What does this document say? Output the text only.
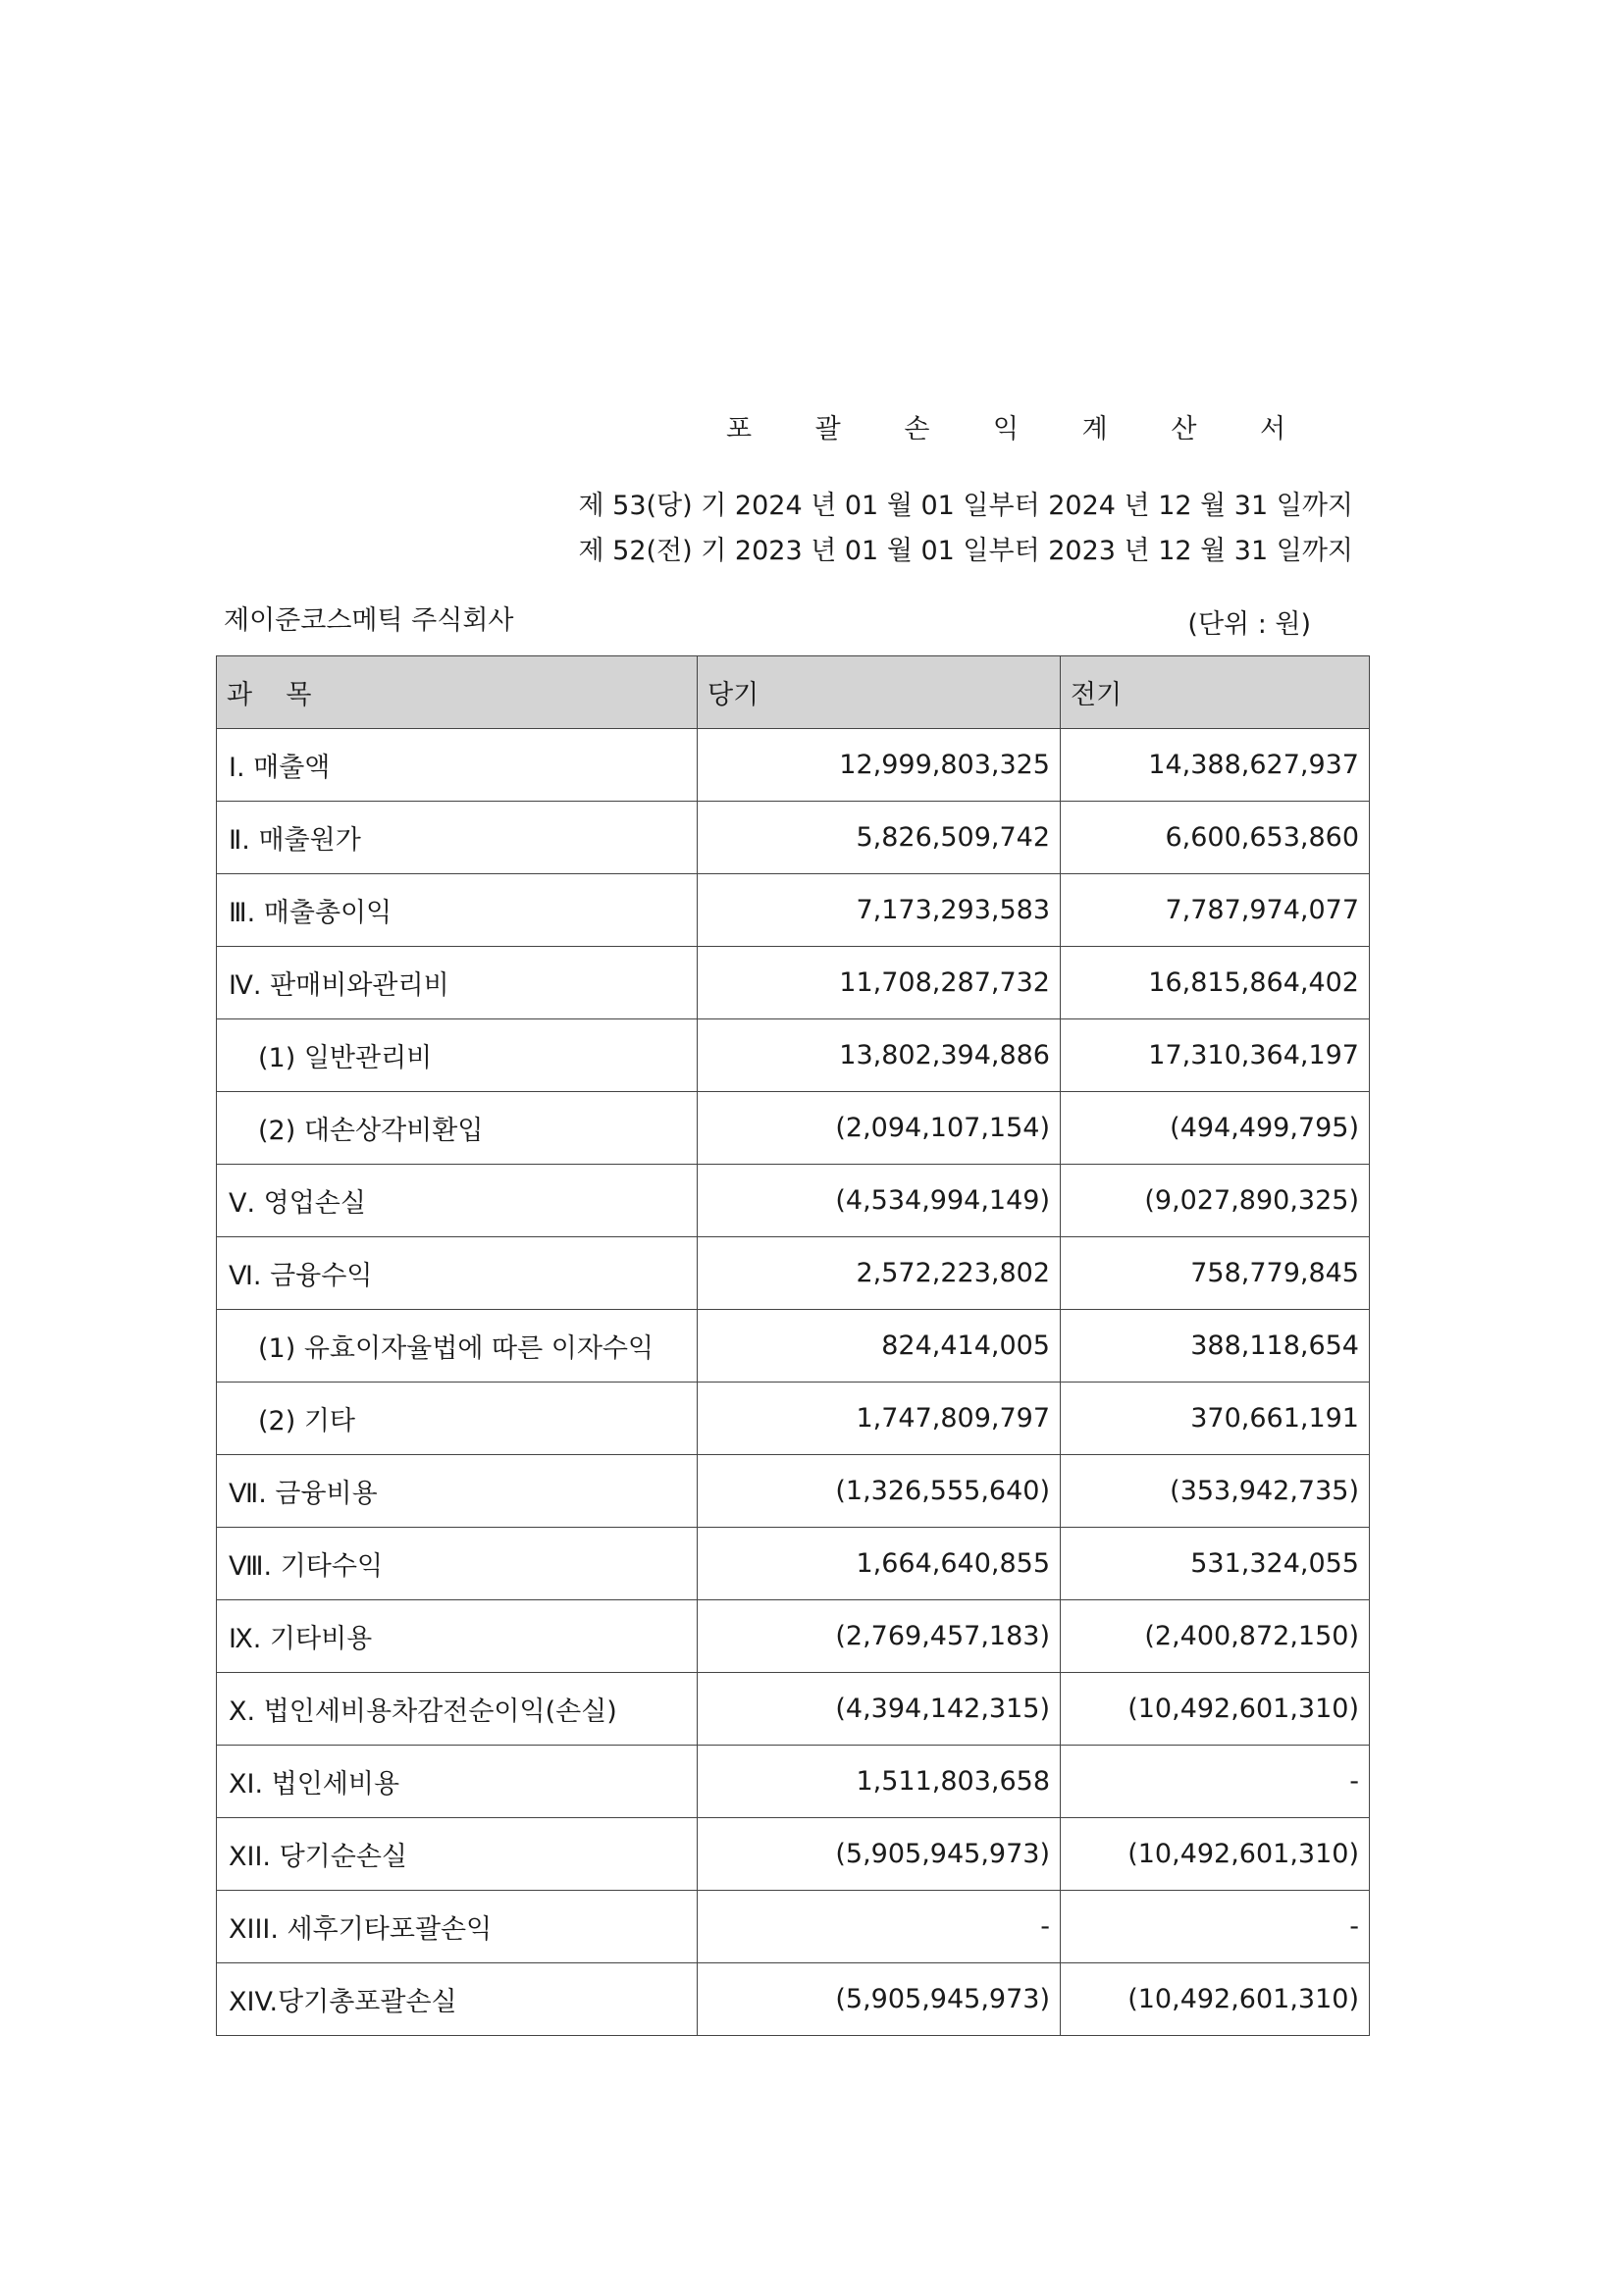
포 괄 손 익 계 산 서
제 53(당) 기 2024 년 01 월 01 일부터 2024 년 12 월 31 일까지
제 52(전) 기 2023 년 01 월 01 일부터 2023 년 12 월 31 일까지
제이준코스메틱 주식회사	(단위 : 원)
과    목	당기	전기
Ⅰ. 매출액	12,999,803,325	14,388,627,937
Ⅱ. 매출원가	5,826,509,742	6,600,653,860
Ⅲ. 매출총이익	7,173,293,583	7,787,974,077
Ⅳ. 판매비와관리비	11,708,287,732	16,815,864,402
(1) 일반관리비	13,802,394,886	17,310,364,197
(2) 대손상각비환입	(2,094,107,154)	(494,499,795)
Ⅴ. 영업손실	(4,534,994,149)	(9,027,890,325)
Ⅵ. 금융수익	2,572,223,802	758,779,845
(1) 유효이자율법에 따른 이자수익	824,414,005	388,118,654
(2) 기타	1,747,809,797	370,661,191
Ⅶ. 금융비용	(1,326,555,640)	(353,942,735)
Ⅷ. 기타수익	1,664,640,855	531,324,055
Ⅸ. 기타비용	(2,769,457,183)	(2,400,872,150)
Ⅹ. 법인세비용차감전순이익(손실)	(4,394,142,315)	(10,492,601,310)
XI. 법인세비용	1,511,803,658	-
XII. 당기순손실	(5,905,945,973)	(10,492,601,310)
XIII. 세후기타포괄손익	-	-
XIV.당기총포괄손실	(5,905,945,973)	(10,492,601,310)
